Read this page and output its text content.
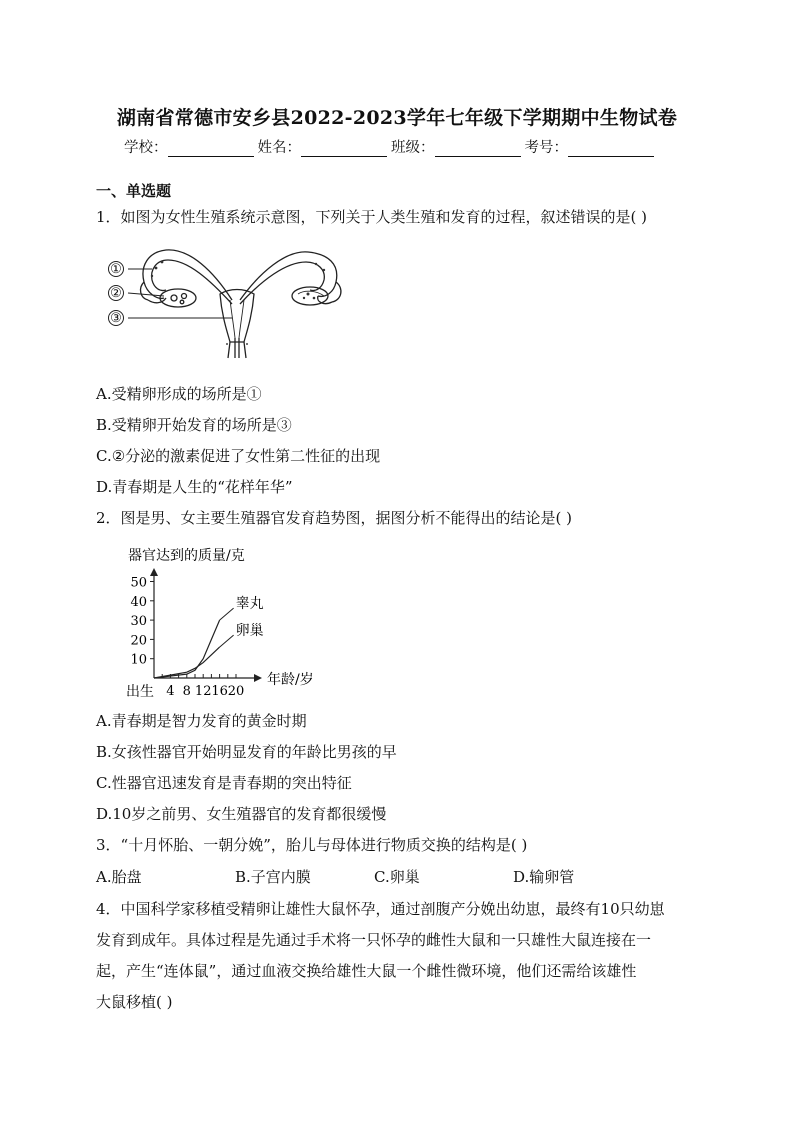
湖南省常德市安乡县2022-2023学年七年级下学期期中生物试卷
学校：	姓名：	班级：	考号：
一、单选题
1．如图为女性生殖系统示意图，下列关于人类生殖和发育的过程，叙述错误的是( )
①
②
③
A.受精卵形成的场所是①
B.受精卵开始发育的场所是③
C.②分泌的激素促进了女性第二性征的出现
D.青春期是人生的“花样年华”
2．图是男、女主要生殖器官发育趋势图，据图分析不能得出的结论是( )
器官达到的质量/克
年龄/岁
出生
10
20
30
40
50
4 8 12 16 20
睾丸
卵巢
A.青春期是智力发育的黄金时期
B.女孩性器官开始明显发育的年龄比男孩的早
C.性器官迅速发育是青春期的突出特征
D.10岁之前男、女生殖器官的发育都很缓慢
3．“十月怀胎、一朝分娩”，胎儿与母体进行物质交换的结构是( )
A.胎盘	B.子宫内膜	C.卵巢	D.输卵管
4．中国科学家移植受精卵让雄性大鼠怀孕，通过剖腹产分娩出幼崽，最终有10只幼崽
发育到成年。具体过程是先通过手术将一只怀孕的雌性大鼠和一只雄性大鼠连接在一
起，产生“连体鼠”，通过血液交换给雄性大鼠一个雌性微环境，他们还需给该雄性
大鼠移植( )
